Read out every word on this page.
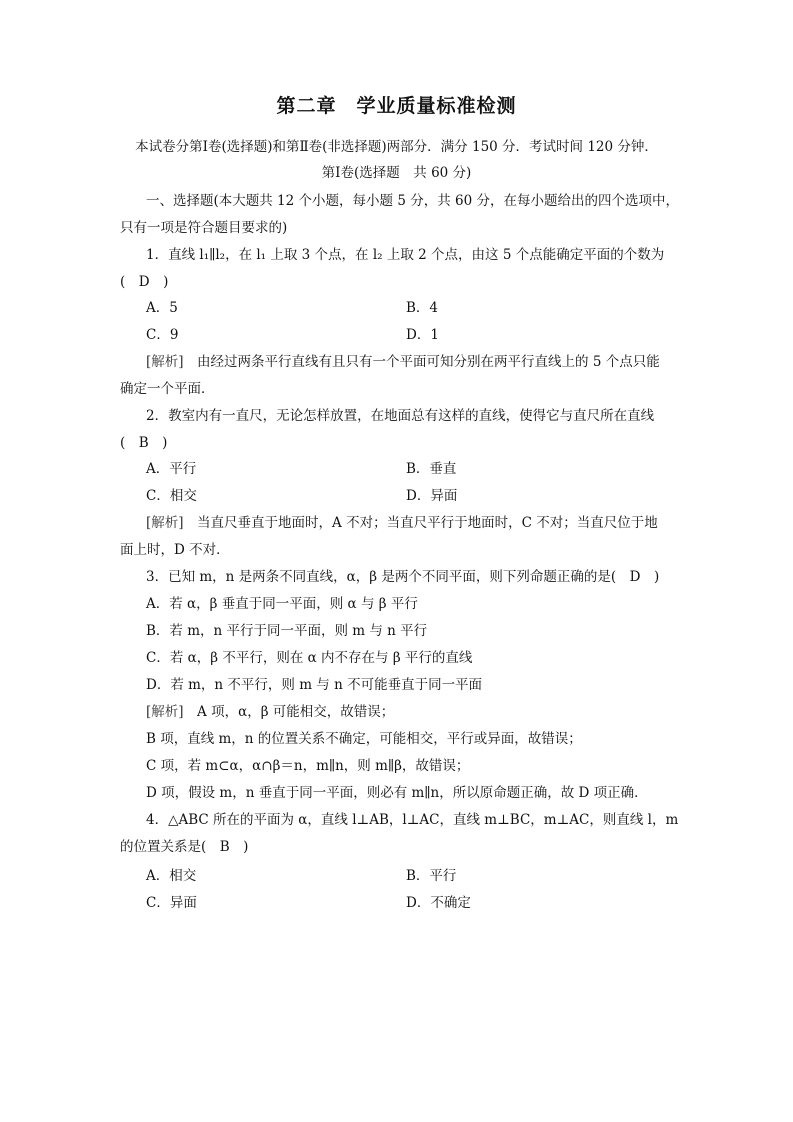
第二章　学业质量标准检测
本试卷分第Ⅰ卷(选择题)和第Ⅱ卷(非选择题)两部分．满分 150 分．考试时间 120 分钟．
第Ⅰ卷(选择题　共 60 分)
一、选择题(本大题共 12 个小题，每小题 5 分，共 60 分，在每小题给出的四个选项中，
只有一项是符合题目要求的)
1．直线 l₁∥l₂，在 l₁ 上取 3 个点，在 l₂ 上取 2 个点，由这 5 个点能确定平面的个数为
(　D　)
A．5	B．4
C．9	D．1
[解析]　由经过两条平行直线有且只有一个平面可知分别在两平行直线上的 5 个点只能
确定一个平面．
2．教室内有一直尺，无论怎样放置，在地面总有这样的直线，使得它与直尺所在直线
(　B　)
A．平行	B．垂直
C．相交	D．异面
[解析]　当直尺垂直于地面时，A 不对；当直尺平行于地面时，C 不对；当直尺位于地
面上时，D 不对．
3．已知 m，n 是两条不同直线，α，β 是两个不同平面，则下列命题正确的是(　D　)
A．若 α，β 垂直于同一平面，则 α 与 β 平行
B．若 m，n 平行于同一平面，则 m 与 n 平行
C．若 α，β 不平行，则在 α 内不存在与 β 平行的直线
D．若 m，n 不平行，则 m 与 n 不可能垂直于同一平面
[解析]　A 项，α，β 可能相交，故错误；
B 项，直线 m，n 的位置关系不确定，可能相交，平行或异面，故错误；
C 项，若 m⊂α，α∩β＝n，m∥n，则 m∥β，故错误；
D 项，假设 m，n 垂直于同一平面，则必有 m∥n，所以原命题正确，故 D 项正确．
4．△ABC 所在的平面为 α，直线 l⊥AB，l⊥AC，直线 m⊥BC，m⊥AC，则直线 l，m
的位置关系是(　B　)
A．相交	B．平行
C．异面	D．不确定
